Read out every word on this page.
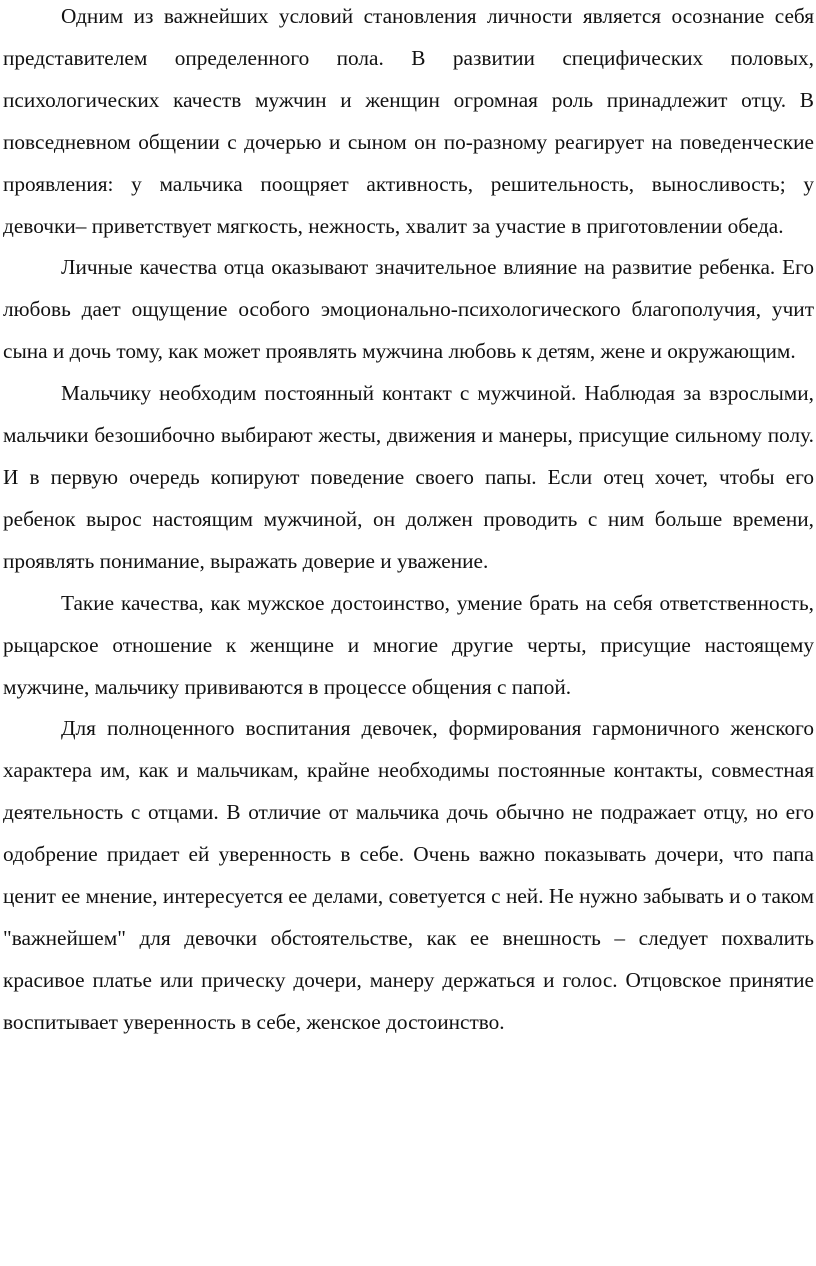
Одним из важнейших условий становления личности является осознание себя представителем определенного пола. В развитии специфических половых, психологических качеств мужчин и женщин огромная роль принадлежит отцу. В повседневном общении с дочерью и сыном он по-разному реагирует на поведенческие проявления: у мальчика поощряет активность, решительность, выносливость; у девочки– приветствует мягкость, нежность, хвалит за участие в приготовлении обеда.

Личные качества отца оказывают значительное влияние на развитие ребенка. Его любовь дает ощущение особого эмоционально-психологического благополучия, учит сына и дочь тому, как может проявлять мужчина любовь к детям, жене и окружающим.

Мальчику необходим постоянный контакт с мужчиной. Наблюдая за взрослыми, мальчики безошибочно выбирают жесты, движения и манеры, присущие сильному полу. И в первую очередь копируют поведение своего папы. Если отец хочет, чтобы его ребенок вырос настоящим мужчиной, он должен проводить с ним больше времени, проявлять понимание, выражать доверие и уважение.

Такие качества, как мужское достоинство, умение брать на себя ответственность, рыцарское отношение к женщине и многие другие черты, присущие настоящему мужчине, мальчику прививаются в процессе общения с папой.

Для полноценного воспитания девочек, формирования гармоничного женского характера им, как и мальчикам, крайне необходимы постоянные контакты, совместная деятельность с отцами. В отличие от мальчика дочь обычно не подражает отцу, но его одобрение придает ей уверенность в себе. Очень важно показывать дочери, что папа ценит ее мнение, интересуется ее делами, советуется с ней. Не нужно забывать и о таком "важнейшем" для девочки обстоятельстве, как ее внешность – следует похвалить красивое платье или прическу дочери, манеру держаться и голос. Отцовское принятие воспитывает уверенность в себе, женское достоинство.
